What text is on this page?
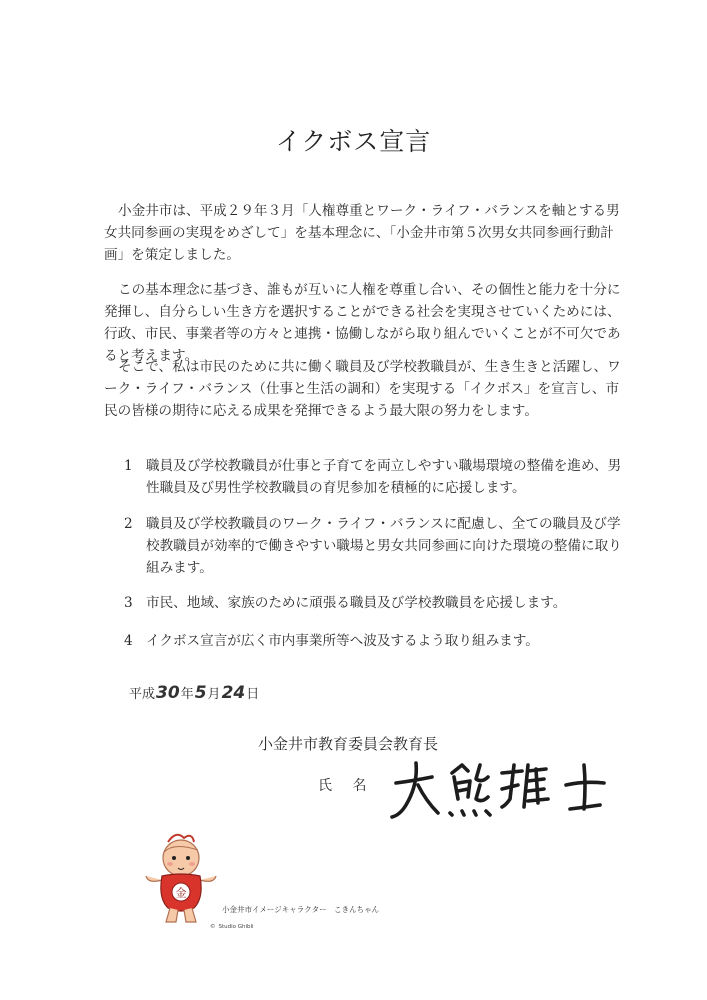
イクボス宣言

小金井市は、平成２９年３月「人権尊重とワーク・ライフ・バランスを軸とする男女共同参画の実現をめざして」を基本理念に、「小金井市第５次男女共同参画行動計画」を策定しました。

この基本理念に基づき、誰もが互いに人権を尊重し合い、その個性と能力を十分に発揮し、自分らしい生き方を選択することができる社会を実現させていくためには、行政、市民、事業者等の方々と連携・協働しながら取り組んでいくことが不可欠であると考えます。

そこで、私は市民のために共に働く職員及び学校教職員が、生き生きと活躍し、ワーク・ライフ・バランス（仕事と生活の調和）を実現する「イクボス」を宣言し、市民の皆様の期待に応える成果を発揮できるよう最大限の努力をします。

1 職員及び学校教職員が仕事と子育てを両立しやすい職場環境の整備を進め、男性職員及び男性学校教職員の育児参加を積極的に応援します。
2 職員及び学校教職員のワーク・ライフ・バランスに配慮し、全ての職員及び学校教職員が効率的で働きやすい職場と男女共同参画に向けた環境の整備に取り組みます。
3 市民、地域、家族のために頑張る職員及び学校教職員を応援します。
4 イクボス宣言が広く市内事業所等へ波及するよう取り組みます。
平成30年5月24日
小金井市教育委員会教育長
氏 名
金
小金井市イメージキャラクター　こきんちゃん
© Studio Ghibli
